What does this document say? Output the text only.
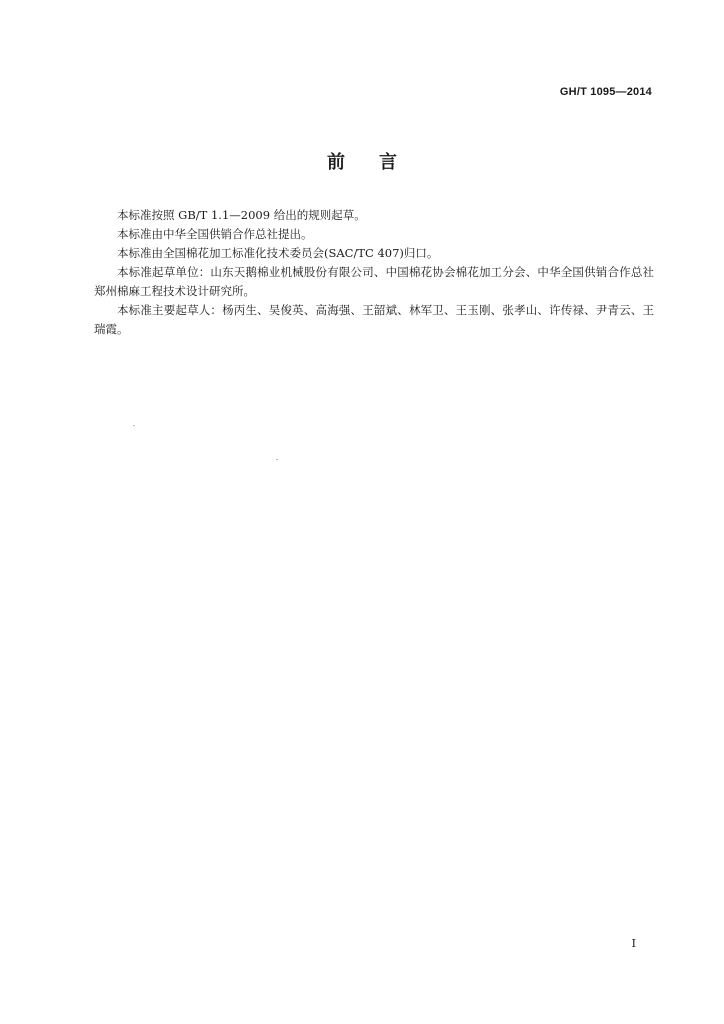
GH/T 1095—2014
前言

本标准按照 GB/T 1.1—2009 给出的规则起草。

本标准由中华全国供销合作总社提出。

本标准由全国棉花加工标准化技术委员会(SAC/TC 407)归口。

本标准起草单位：山东天鹅棉业机械股份有限公司、中国棉花协会棉花加工分会、中华全国供销合作总社郑州棉麻工程技术设计研究所。

本标准主要起草人：杨丙生、吴俊英、高海强、王韶斌、林军卫、王玉刚、张孝山、许传禄、尹青云、王瑞霞。

I
